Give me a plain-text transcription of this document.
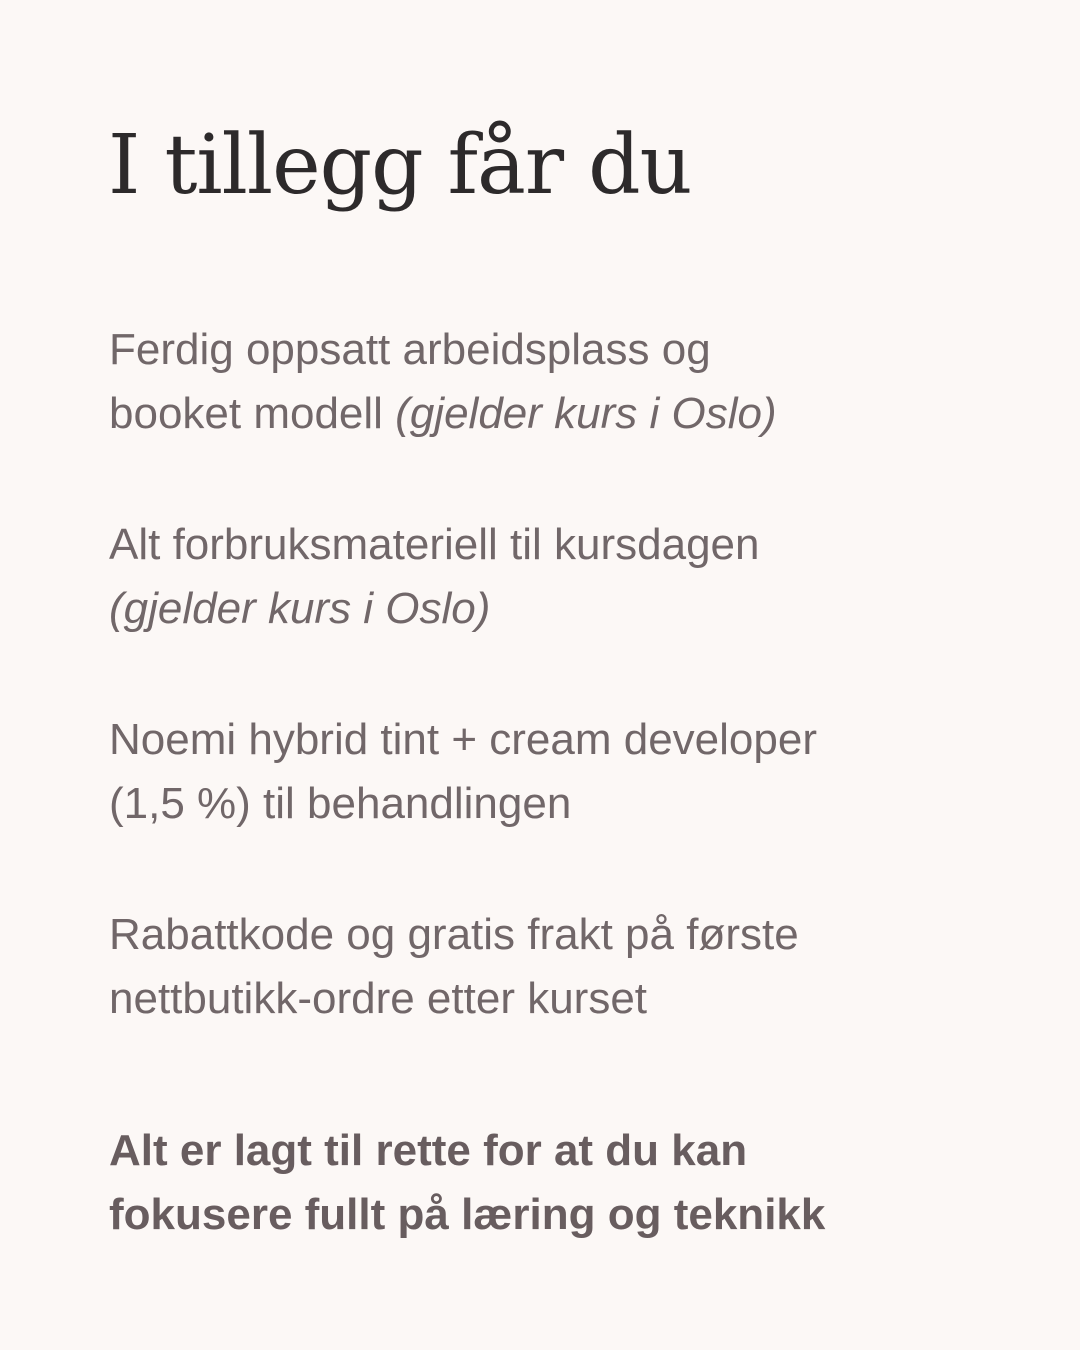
I tillegg får du

Ferdig oppsatt arbeidsplass og
booket modell (gjelder kurs i Oslo)

Alt forbruksmateriell til kursdagen
(gjelder kurs i Oslo)

Noemi hybrid tint + cream developer
(1,5 %) til behandlingen

Rabattkode og gratis frakt på første
nettbutikk-ordre etter kurset

Alt er lagt til rette for at du kan
fokusere fullt på læring og teknikk
